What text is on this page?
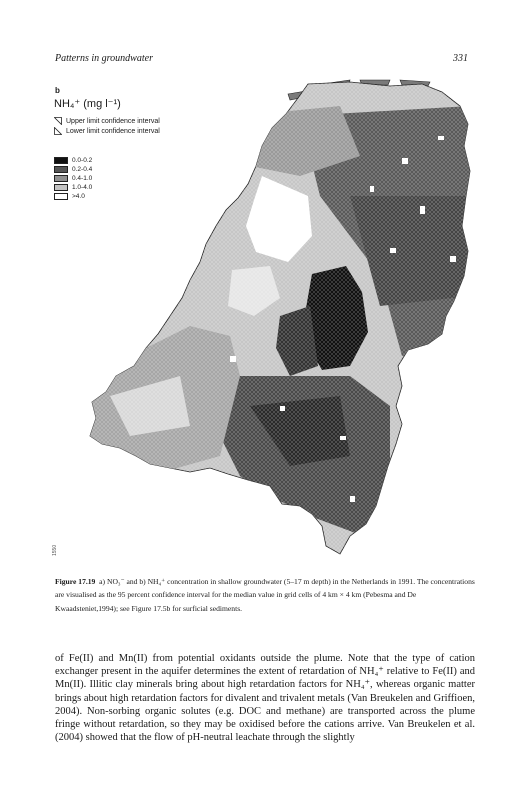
Patterns in groundwater	331
b
NH₄⁺ (mg l⁻¹)
Upper limit confidence interval
Lower limit confidence interval
0.0-0.2
0.2-0.4
0.4-1.0
1.0-4.0
>4.0
1550
Figure 17.19 a) NO₃⁻ and b) NH₄⁺ concentration in shallow groundwater (5–17 m depth) in the Netherlands in 1991. The concentrations are visualised as the 95 percent confidence interval for the median value in grid cells of 4 km × 4 km (Pebesma and De Kwaadsteniet,1994); see Figure 17.5b for surficial sediments.

of Fe(II) and Mn(II) from potential oxidants outside the plume. Note that the type of cation exchanger present in the aquifer determines the extent of retardation of NH₄⁺ relative to Fe(II) and Mn(II). Illitic clay minerals bring about high retardation factors for NH₄⁺, whereas organic matter brings about high retardation factors for divalent and trivalent metals (Van Breukelen and Griffioen, 2004). Non-sorbing organic solutes (e.g. DOC and methane) are transported across the plume fringe without retardation, so they may be oxidised before the cations arrive. Van Breukelen et al. (2004) showed that the flow of pH-neutral leachate through the slightly
